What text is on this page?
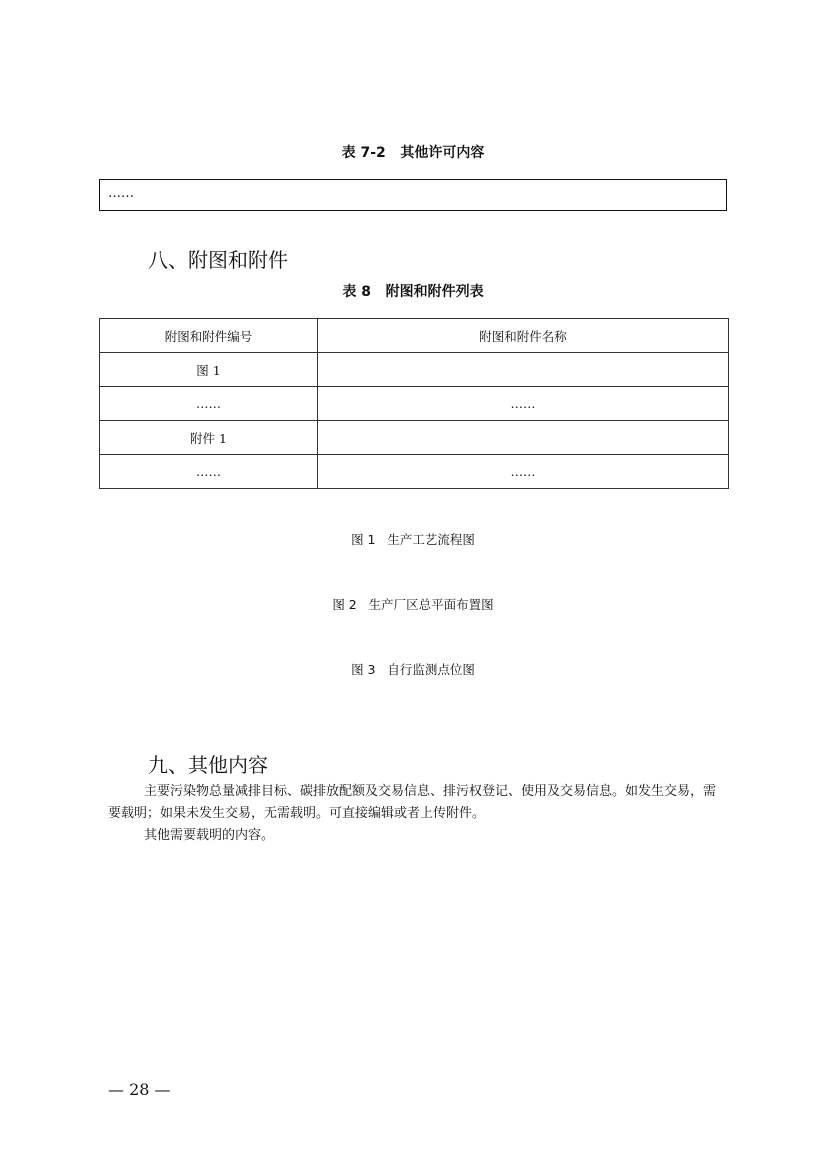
表 7-2   其他许可内容
……
八、附图和附件
表 8   附图和附件列表
附图和附件编号	附图和附件名称
图 1	
……	……
附件 1	
……	……
图 1   生产工艺流程图
图 2   生产厂区总平面布置图
图 3   自行监测点位图
九、其他内容
主要污染物总量减排目标、碳排放配额及交易信息、排污权登记、使用及交易信息。如发生交易，需要载明；如果未发生交易，无需载明。可直接编辑或者上传附件。
其他需要载明的内容。
— 28 —
